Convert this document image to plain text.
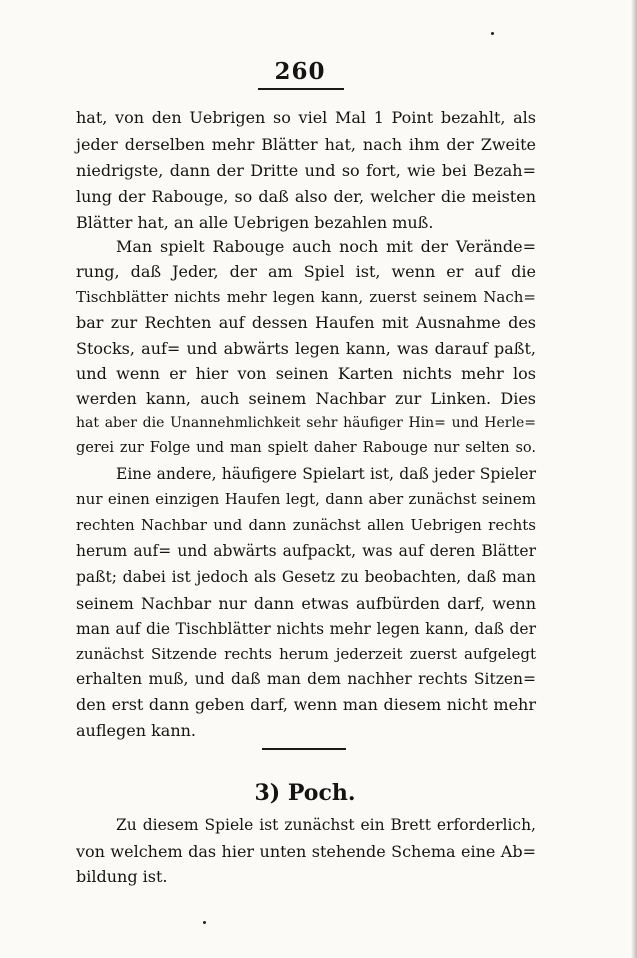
260
hat, von den Uebrigen so viel Mal 1 Point bezahlt, als
jeder derselben mehr Blätter hat, nach ihm der Zweite
niedrigste, dann der Dritte und so fort, wie bei Bezah=
lung der Rabouge, so daß also der, welcher die meisten
Blätter hat, an alle Uebrigen bezahlen muß.
Man spielt Rabouge auch noch mit der Verände=
rung, daß Jeder, der am Spiel ist, wenn er auf die
Tischblätter nichts mehr legen kann, zuerst seinem Nach=
bar zur Rechten auf dessen Haufen mit Ausnahme des
Stocks, auf= und abwärts legen kann, was darauf paßt,
und wenn er hier von seinen Karten nichts mehr los
werden kann, auch seinem Nachbar zur Linken. Dies
hat aber die Unannehmlichkeit sehr häufiger Hin= und Herle=
gerei zur Folge und man spielt daher Rabouge nur selten so.
Eine andere, häufigere Spielart ist, daß jeder Spieler
nur einen einzigen Haufen legt, dann aber zunächst seinem
rechten Nachbar und dann zunächst allen Uebrigen rechts
herum auf= und abwärts aufpackt, was auf deren Blätter
paßt; dabei ist jedoch als Gesetz zu beobachten, daß man
seinem Nachbar nur dann etwas aufbürden darf, wenn
man auf die Tischblätter nichts mehr legen kann, daß der
zunächst Sitzende rechts herum jederzeit zuerst aufgelegt
erhalten muß, und daß man dem nachher rechts Sitzen=
den erst dann geben darf, wenn man diesem nicht mehr
auflegen kann.
3) Poch.
Zu diesem Spiele ist zunächst ein Brett erforderlich,
von welchem das hier unten stehende Schema eine Ab=
bildung ist.
